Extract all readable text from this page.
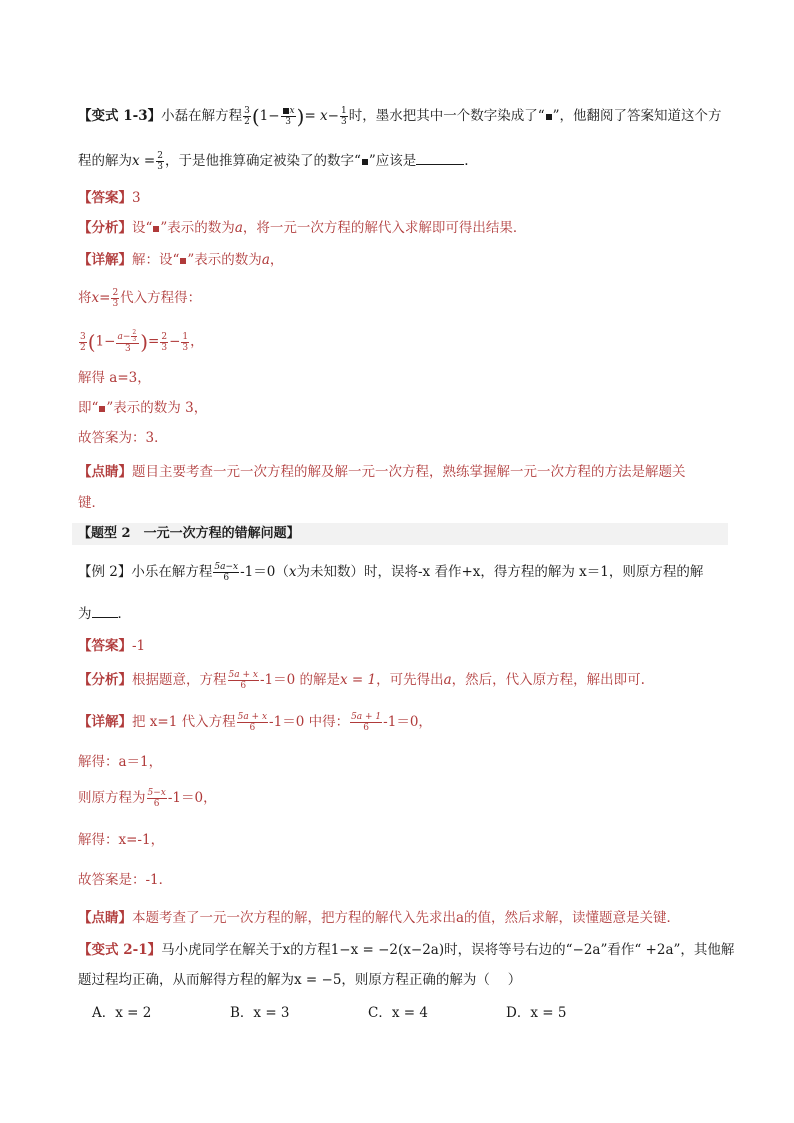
【变式 1-3】小磊在解方程 $\frac{3}{2} (1- \frac{x}{3}$ )= $x- \frac{1}{3}$ 时，墨水把其中一个数字染成了“ ”，他翻阅了答案知道这个方
程的解为$x = \frac{2}{3}$ ，于是他推算确定被染了的数字“ ”应该是	.
【答案】3
【分析】设“ ”表示的数为a，将一元一次方程的解代入求解即可得出结果．
【详解】解：设“ ”表示的数为a，
将$x= \frac{2}{3}$ 代入方程得：
$\frac{3}{2} (1- \frac{a- \frac{2}{3}}{3}$ )= $\frac{2}{3} - \frac{1}{3}$ ，
解得 a=3，
即“ ”表示的数为 3，
故答案为：3．
【点睛】题目主要考查一元一次方程的解及解一元一次方程，熟练掌握解一元一次方程的方法是解题关
键．
【题型 2　一元一次方程的错解问题】
【例 2】小乐在解方程 $\frac{5a-x}{6} -1=0(x$为未知数）时，误将-x 看作+x，得方程的解为 x＝1，则原方程的解
为 ．
【答案】-1
【分析】根据题意，方程 $\frac{5a + x}{6} -1=0$ 的解是x = 1，可先得出a，然后，代入原方程，解出即可.
【详解】把 x=1 代入方程 $\frac{5a + x}{6} -1=0$ 中得： $\frac{5a + 1}{6} -1=0$，
解得：a＝1，
则原方程为 $\frac{5-x}{6} -1=0$，
解得：x=-1，
故答案是：-1．
【点睛】本题考查了一元一次方程的解，把方程的解代入先求出a的值，然后求解，读懂题意是关键．
【变式 2-1】马小虎同学在解关于x的方程1−x = −2(x−2a)时，误将等号右边的“−2a”看作“ +2a”，其他解
题过程均正确，从而解得方程的解为x = −5，则原方程正确的解为（　 ）
A．x = 2	B．x = 3	C．x = 4	D．x = 5
